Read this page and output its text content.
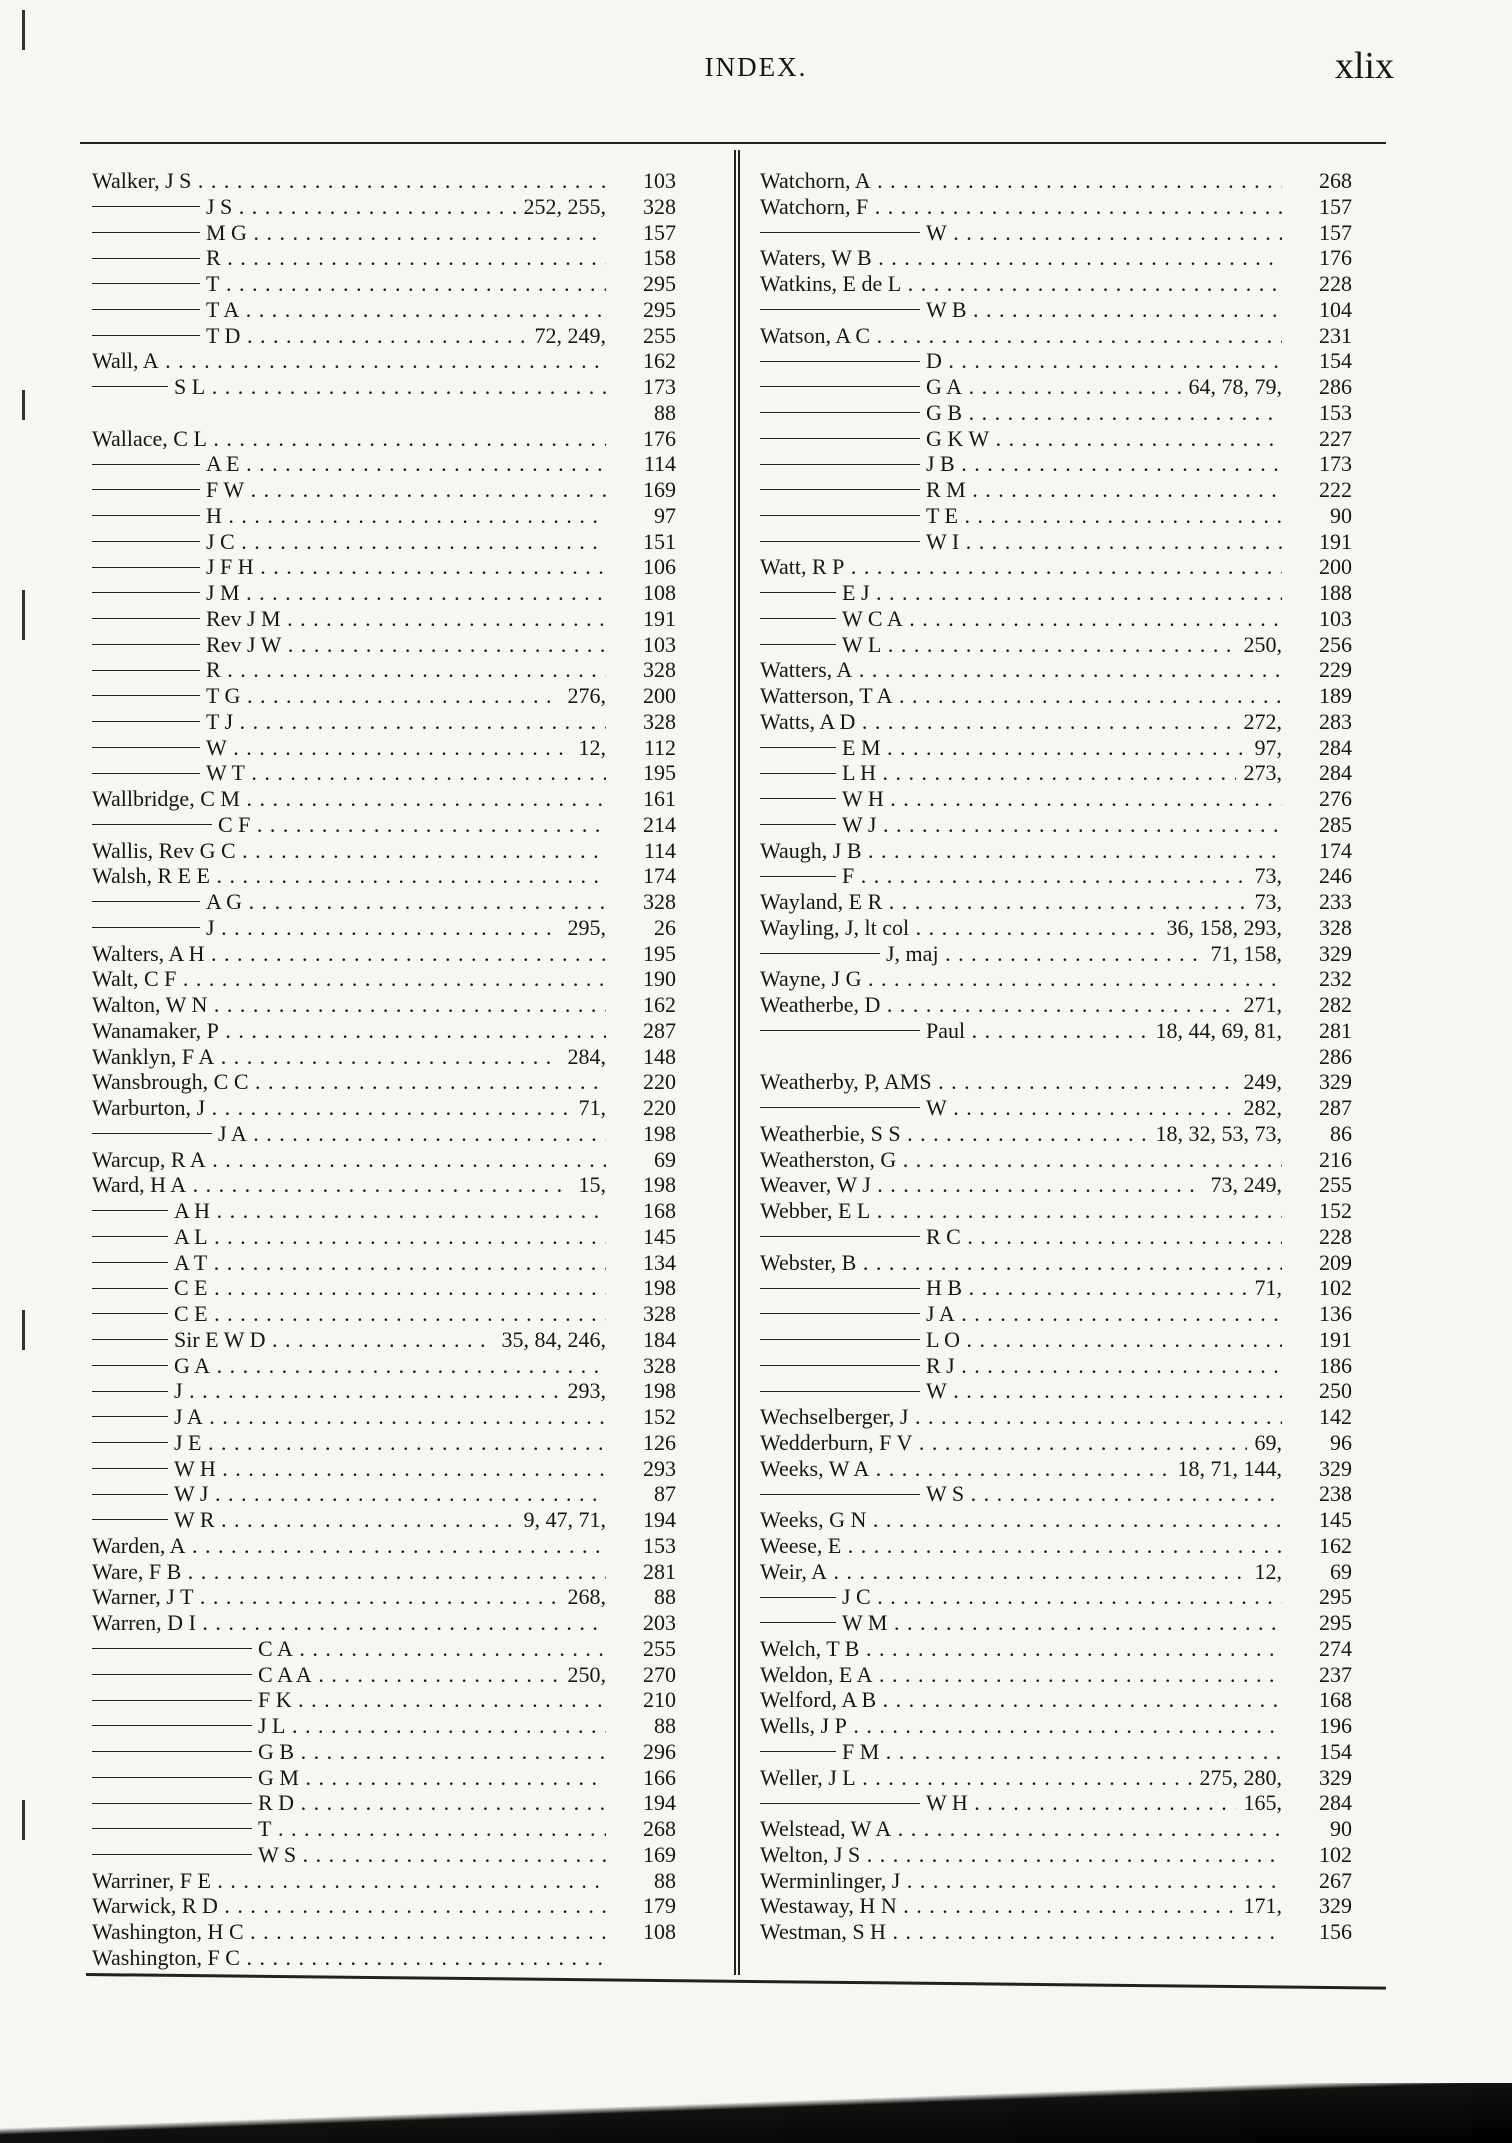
INDEX.	xlix
Walker, J S . . .	103
J S . . .	252, 255,	328
M G . . .	157
R . . .	158
T . . .	295
T A . . .	295
T D . . .	72, 249,	255
Wall, A . . .	162
S L . . .	173
88
Wallace, C L . . .	176
A E . . .	114
F W . . .	169
H . . .	97
J C . . .	151
J F H . . .	106
J M . . .	108
Rev J M . . .	191
Rev J W . . .	103
R . . .	328
T G . . .	276,	200
T J . . .	328
W . . .	12,	112
W T . . .	195
Wallbridge, C M . . .	161
C F . . .	214
Wallis, Rev G C . . .	114
Walsh, R E E . . .	174
A G . . .	328
J . . .	295,	26
Walters, A H . . .	195
Walt, C F . . .	190
Walton, W N . . .	162
Wanamaker, P . . .	287
Wanklyn, F A . . .	284,	148
Wansbrough, C C . . .	220
Warburton, J . . .	71,	220
J A . . .	198
Warcup, R A . . .	69
Ward, H A . . .	15,	198
A H . . .	168
A L . . .	145
A T . . .	134
C E . . .	198
C E . . .	328
Sir E W D . . .	35, 84, 246,	184
G A . . .	328
J . . .	293,	198
J A . . .	152
J E . . .	126
W H . . .	293
W J . . .	87
W R . . .	9, 47, 71,	194
Warden, A . . .	153
Ware, F B . . .	281
Warner, J T . . .	268,	88
Warren, D I . . .	203
C A . . .	255
C A A . . .	250,	270
F K . . .	210
J L . . .	88
G B . . .	296
G M . . .	166
R D . . .	194
T . . .	268
W S . . .	169
Warriner, F E . . .	88
Warwick, R D . . .	179
Washington, H C . . .	108
Washington, F C . . .
Watchorn, A . . .	268
Watchorn, F . . .	157
W . . .	157
Waters, W B . . .	176
Watkins, E de L . . .	228
W B . . .	104
Watson, A C . . .	231
D . . .	154
G A . . .	64, 78, 79,	286
G B . . .	153
G K W . . .	227
J B . . .	173
R M . . .	222
T E . . .	90
W I . . .	191
Watt, R P . . .	200
E J . . .	188
W C A . . .	103
W L . . .	250,	256
Watters, A . . .	229
Watterson, T A . . .	189
Watts, A D . . .	272,	283
E M . . .	97,	284
L H . . .	273,	284
W H . . .	276
W J . . .	285
Waugh, J B . . .	174
F . . .	73,	246
Wayland, E R . . .	73,	233
Wayling, J, lt col . . .	36, 158, 293,	328
J, maj . . .	71, 158,	329
Wayne, J G . . .	232
Weatherbe, D . . .	271,	282
Paul . . .	18, 44, 69, 81,	281
286
Weatherby, P, AMS . . .	249,	329
W . . .	282,	287
Weatherbie, S S . . .	18, 32, 53, 73,	86
Weatherston, G . . .	216
Weaver, W J . . .	73, 249,	255
Webber, E L . . .	152
R C . . .	228
Webster, B . . .	209
H B . . .	71,	102
J A . . .	136
L O . . .	191
R J . . .	186
W . . .	250
Wechselberger, J . . .	142
Wedderburn, F V . . .	69,	96
Weeks, W A . . .	18, 71, 144,	329
W S . . .	238
Weeks, G N . . .	145
Weese, E . . .	162
Weir, A . . .	12,	69
J C . . .	295
W M . . .	295
Welch, T B . . .	274
Weldon, E A . . .	237
Welford, A B . . .	168
Wells, J P . . .	196
F M . . .	154
Weller, J L . . .	275, 280,	329
W H . . .	165,	284
Welstead, W A . . .	90
Welton, J S . . .	102
Werminlinger, J . . .	267
Westaway, H N . . .	171,	329
Westman, S H . . .	156
